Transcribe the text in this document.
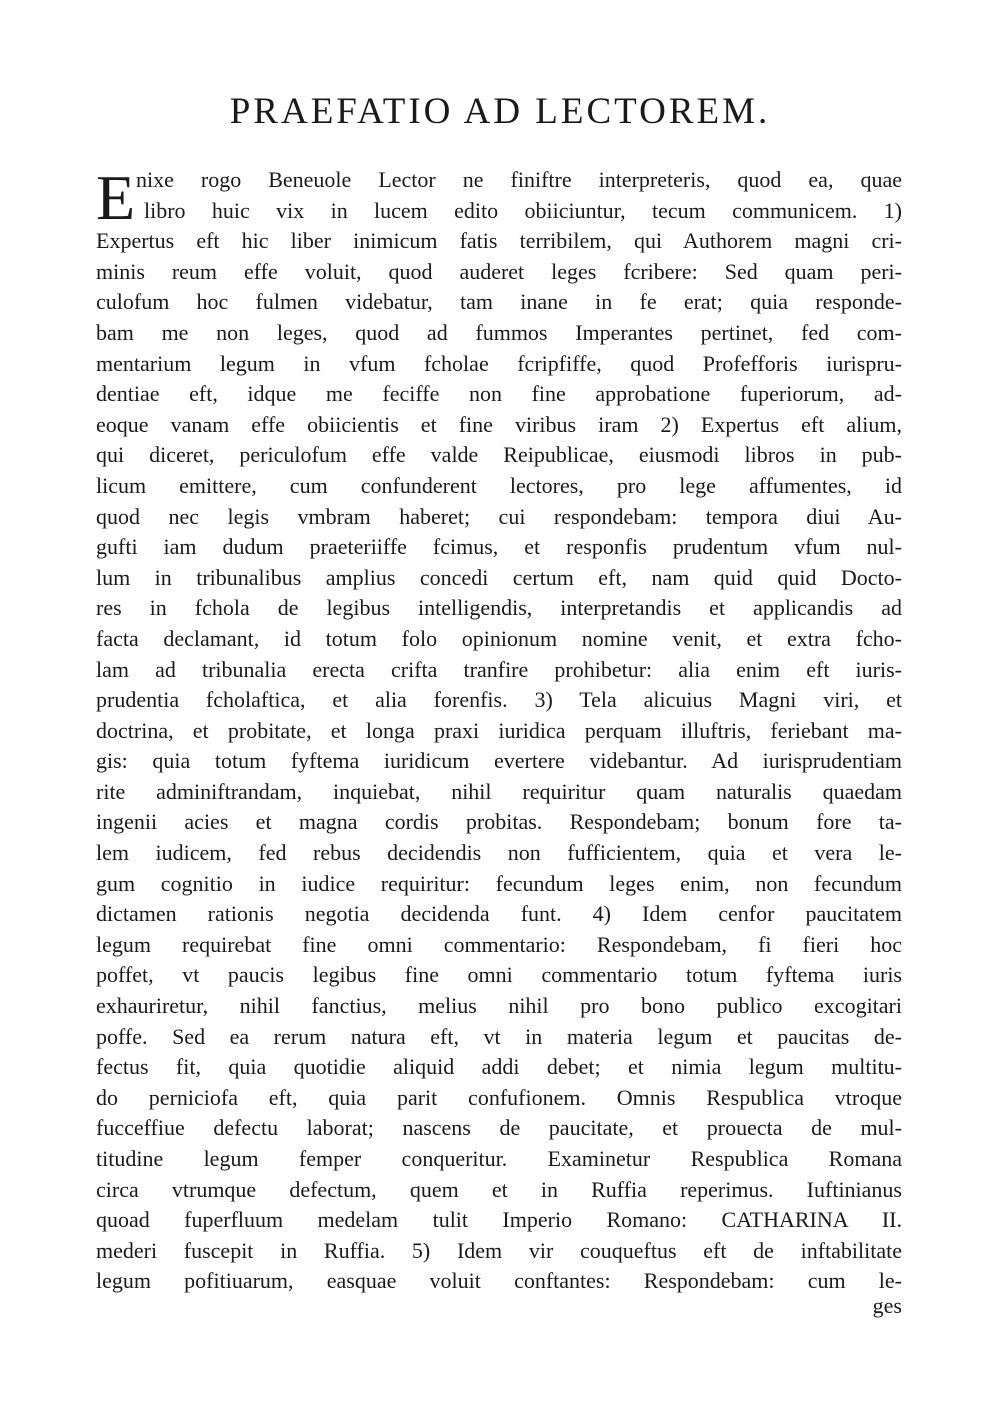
PRAEFATIO AD LECTOREM.
E nixe rogo Beneuole Lector ne finiftre interpreteris, quod ea, quae
libro huic vix in lucem edito obiiciuntur, tecum communicem. 1)
Expertus eft hic liber inimicum fatis terribilem, qui Authorem magni cri-
minis reum effe voluit, quod auderet leges fcribere: Sed quam peri-
culofum hoc fulmen videbatur, tam inane in fe erat; quia responde-
bam me non leges, quod ad fummos Imperantes pertinet, fed com-
mentarium legum in vfum fcholae fcripfiffe, quod Profefforis iurispru-
dentiae eft, idque me feciffe non fine approbatione fuperiorum, ad-
eoque vanam effe obiicientis et fine viribus iram 2) Expertus eft alium,
qui diceret, periculofum effe valde Reipublicae, eiusmodi libros in pub-
licum emittere, cum confunderent lectores, pro lege affumentes, id
quod nec legis vmbram haberet; cui respondebam: tempora diui Au-
gufti iam dudum praeteriiffe fcimus, et responfis prudentum vfum nul-
lum in tribunalibus amplius concedi certum eft, nam quid quid Docto-
res in fchola de legibus intelligendis, interpretandis et applicandis ad
facta declamant, id totum folo opinionum nomine venit, et extra fcho-
lam ad tribunalia erecta crifta tranfire prohibetur: alia enim eft iuris-
prudentia fcholaftica, et alia forenfis. 3) Tela alicuius Magni viri, et
doctrina, et probitate, et longa praxi iuridica perquam illuftris, feriebant ma-
gis: quia totum fyftema iuridicum evertere videbantur. Ad iurisprudentiam
rite adminiftrandam, inquiebat, nihil requiritur quam naturalis quaedam
ingenii acies et magna cordis probitas. Respondebam; bonum fore ta-
lem iudicem, fed rebus decidendis non fufficientem, quia et vera le-
gum cognitio in iudice requiritur: fecundum leges enim, non fecundum
dictamen rationis negotia decidenda funt. 4) Idem cenfor paucitatem
legum requirebat fine omni commentario: Respondebam, fi fieri hoc
poffet, vt paucis legibus fine omni commentario totum fyftema iuris
exhauriretur, nihil fanctius, melius nihil pro bono publico excogitari
poffe. Sed ea rerum natura eft, vt in materia legum et paucitas de-
fectus fit, quia quotidie aliquid addi debet; et nimia legum multitu-
do perniciofa eft, quia parit confufionem. Omnis Respublica vtroque
fucceffiue defectu laborat; nascens de paucitate, et prouecta de mul-
titudine legum femper conqueritur. Examinetur Respublica Romana
circa vtrumque defectum, quem et in Ruffia reperimus. Iuftinianus
quoad fuperfluum medelam tulit Imperio Romano: CATHARINA II.
mederi fuscepit in Ruffia. 5) Idem vir couqueftus eft de inftabilitate
legum pofitiuarum, easquae voluit conftantes: Respondebam: cum le-
ges
